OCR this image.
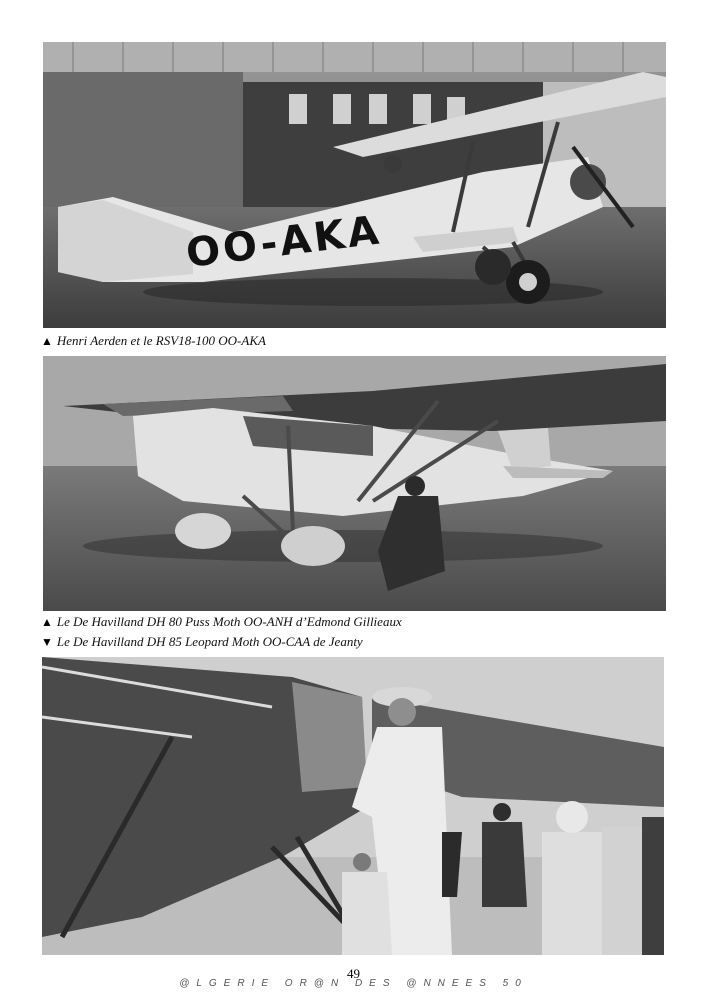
OO-AKA
▲ Henri Aerden et le RSV18-100 OO-AKA
▲ Le De Havilland DH 80 Puss Moth OO-ANH d’Edmond Gillieaux
▼ Le De Havilland DH 85 Leopard Moth OO-CAA de Jeanty
49
@LGERIE OR@N DES @NNEES 50
